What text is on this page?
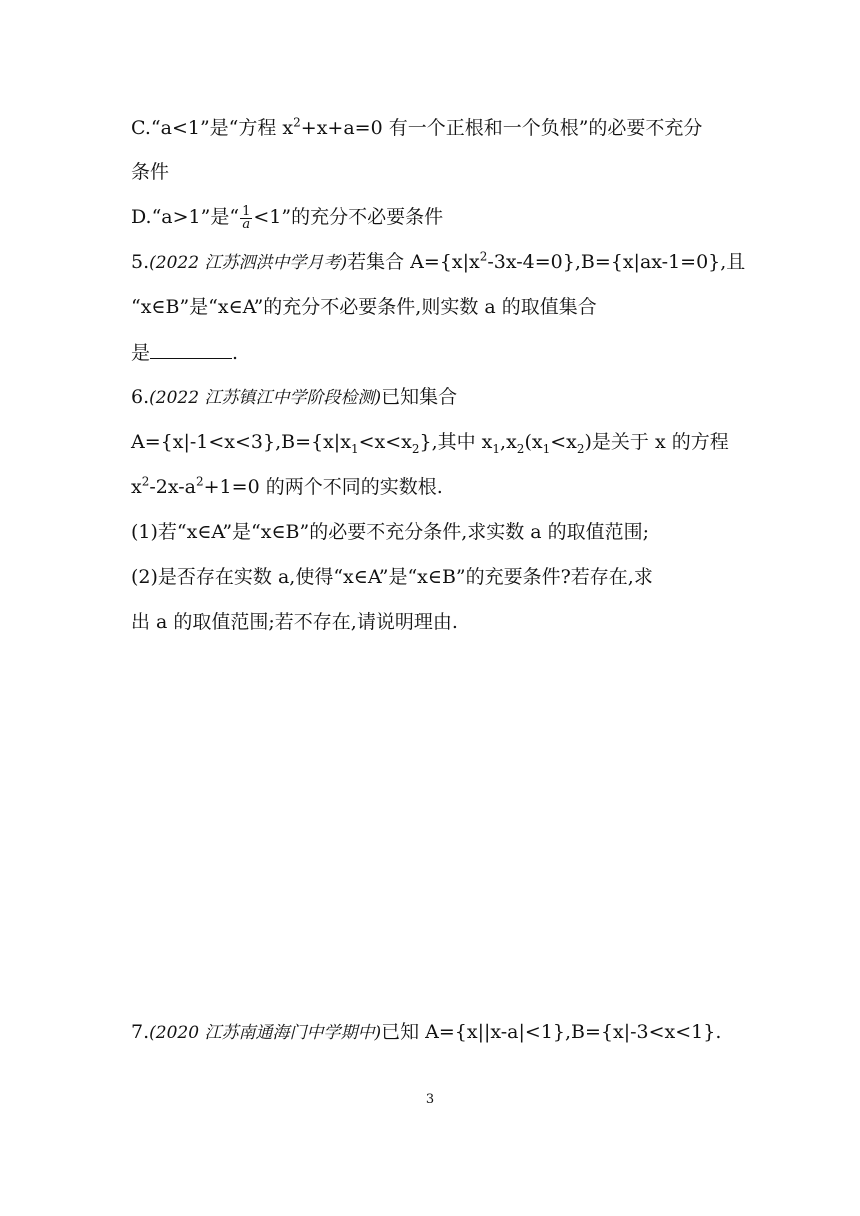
C.“a<1”是“方程 $x^2+x+a=0$ 有一个正根和一个负根”的必要不充分
条件
D.“a>1”是“ $\frac{1}{a} <1$”的充分不必要条件
5.(2022 江苏泗洪中学月考)若集合 $A=\{x|x^2-3x-4=0\},B=\{x|ax-1=0\}$,且
“x∈B”是“x∈A”的充分不必要条件,则实数 a 的取值集合
是	.
6.(2022 江苏镇江中学阶段检测)已知集合
$A=\{x|-1<x<3\},B=\{x|x_1<x<x_2\}$,其中 $x_1,x_2(x_1<x_2)$是关于 x 的方程
$x^2-2x-a^2+1=0$ 的两个不同的实数根.
(1)若“x∈A”是“x∈B”的必要不充分条件,求实数 a 的取值范围;
(2)是否存在实数 a,使得“x∈A”是“x∈B”的充要条件?若存在,求
出 a 的取值范围;若不存在,请说明理由.
7.(2020 江苏南通海门中学期中)已知 A={x||x-a|<1},B={x|-3<x<1}.
3
